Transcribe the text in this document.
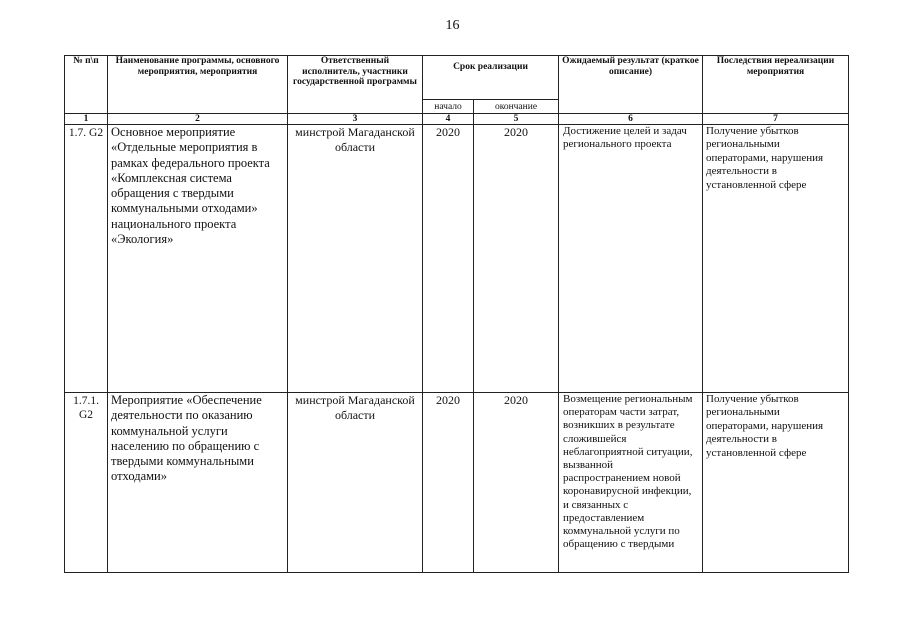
16
№ п\п	Наименование программы, основного мероприятия, мероприятия	Ответственный исполнитель, участники государственной программы	Срок реализации		Ожидаемый результат (краткое описание)	Последствия нереализации мероприятия
			начало	окончание		
1	2	3	4	5	6	7
1.7. G2	Основное мероприятие «Отдельные мероприятия в рамках федерального проекта «Комплексная система обращения с твердыми коммунальными отходами» национального проекта «Экология»	минстрой Магаданской области	2020	2020	Достижение целей и задач регионального проекта	Получение убытков региональными операторами, нарушения деятельности в установленной сфере
1.7.1. G2	Мероприятие «Обеспечение деятельности по оказанию коммунальной услуги населению по обращению с твердыми коммунальными отходами»	минстрой Магаданской области	2020	2020	Возмещение региональным операторам части затрат, возникших в результате сложившейся неблагоприятной ситуации, вызванной распространением новой коронавирусной инфекции, и связанных с предоставлением коммунальной услуги по обращению с твердыми	Получение убытков региональными операторами, нарушения деятельности в установленной сфере
